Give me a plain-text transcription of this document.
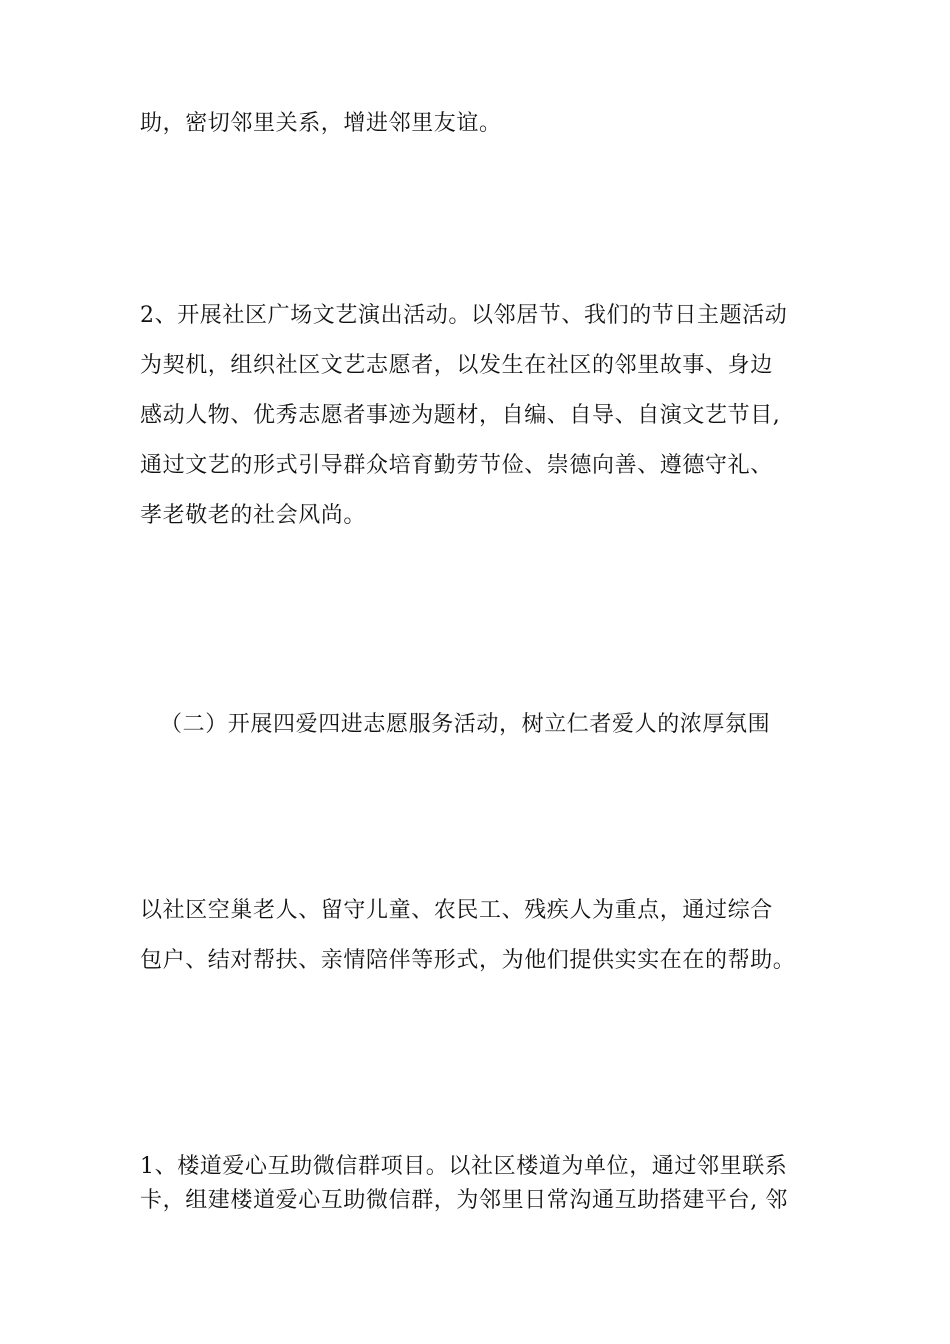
助，密切邻里关系，增进邻里友谊。

2、开展社区广场文艺演出活动。以邻居节、我们的节日主题活动
为契机，组织社区文艺志愿者，以发生在社区的邻里故事、身边
感动人物、优秀志愿者事迹为题材，自编、自导、自演文艺节目,
通过文艺的形式引导群众培育勤劳节俭、崇德向善、遵德守礼、
孝老敬老的社会风尚。

（二）开展四爱四进志愿服务活动，树立仁者爱人的浓厚氛围

以社区空巢老人、留守儿童、农民工、残疾人为重点，通过综合
包户、结对帮扶、亲情陪伴等形式，为他们提供实实在在的帮助。

1、楼道爱心互助微信群项目。以社区楼道为单位，通过邻里联系
卡，组建楼道爱心互助微信群，为邻里日常沟通互助搭建平台, 邻
